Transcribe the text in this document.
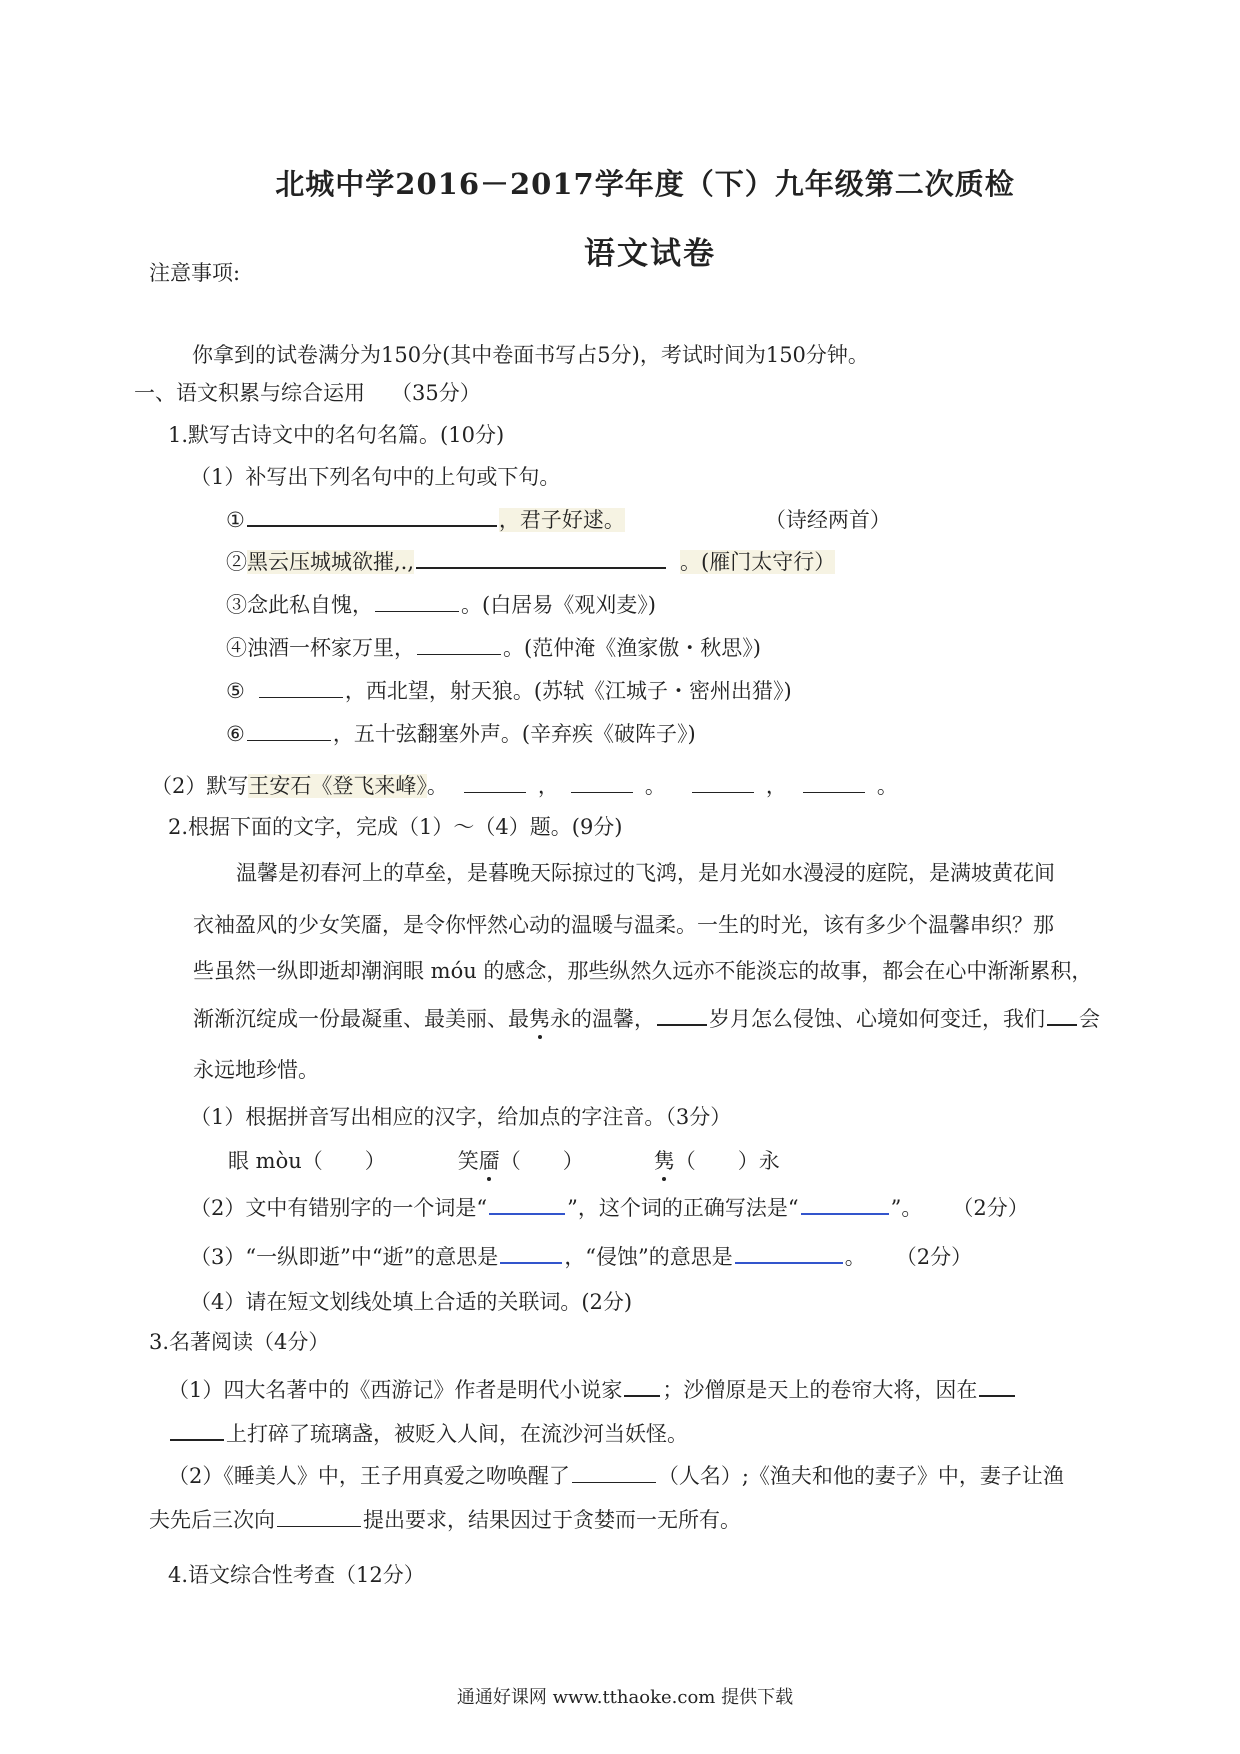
北城中学2016－2017学年度（下）九年级第二次质检
语文试卷
注意事项:
你拿到的试卷满分为150分(其中卷面书写占5分)，考试时间为150分钟。
一、语文积累与综合运用 （35分）
1.默写古诗文中的名句名篇。(10分)
（1）补写出下列名句中的上句或下句。
①	，君子好逑。	（诗经两首）
②黑云压城城欲摧,.,	。(雁门太守行）
③念此私自愧，	。(白居易《观刈麦》)
④浊酒一杯家万里，	。(范仲淹《渔家傲・秋思》)
⑤	，西北望，射天狼。(苏轼《江城子・密州出猎》)
⑥	，五十弦翻塞外声。(辛弃疾《破阵子》)
（2）默写王安石《登飞来峰》。	，	。	，	。
2.根据下面的文字，完成（1）～（4）题。(9分)
温馨是初春河上的草垒，是暮晚天际掠过的飞鸿，是月光如水漫浸的庭院，是满坡黄花间
衣袖盈风的少女笑靥，是令你怦然心动的温暖与温柔。一生的时光，该有多少个温馨串织？那
些虽然一纵即逝却潮润眼 móu 的感念，那些纵然久远亦不能淡忘的故事，都会在心中渐渐累积，
渐渐沉绽成一份最凝重、最美丽、最隽永的温馨，	岁月怎么侵蚀、心境如何变迁，我们 会
永远地珍惜。
（1）根据拼音写出相应的汉字，给加点的字注音。（3分）
眼 mòu（　　）	笑靥（　　）	隽（　　）永
（2）文中有错别字的一个词是“	”，这个词的正确写法是“	”。 （2分）
（3）“一纵即逝”中“逝”的意思是	，“侵蚀”的意思是	。 （2分）
（4）请在短文划线处填上合适的关联词。(2分)
3.名著阅读（4分）
（1）四大名著中的《西游记》作者是明代小说家 ；沙僧原是天上的卷帘大将，因在
上打碎了琉璃盏，被贬入人间，在流沙河当妖怪。
（2）《睡美人》中，王子用真爱之吻唤醒了	（人名）;《渔夫和他的妻子》中，妻子让渔
夫先后三次向	提出要求，结果因过于贪婪而一无所有。
4.语文综合性考查（12分）
通通好课网 www.tthaoke.com 提供下载
